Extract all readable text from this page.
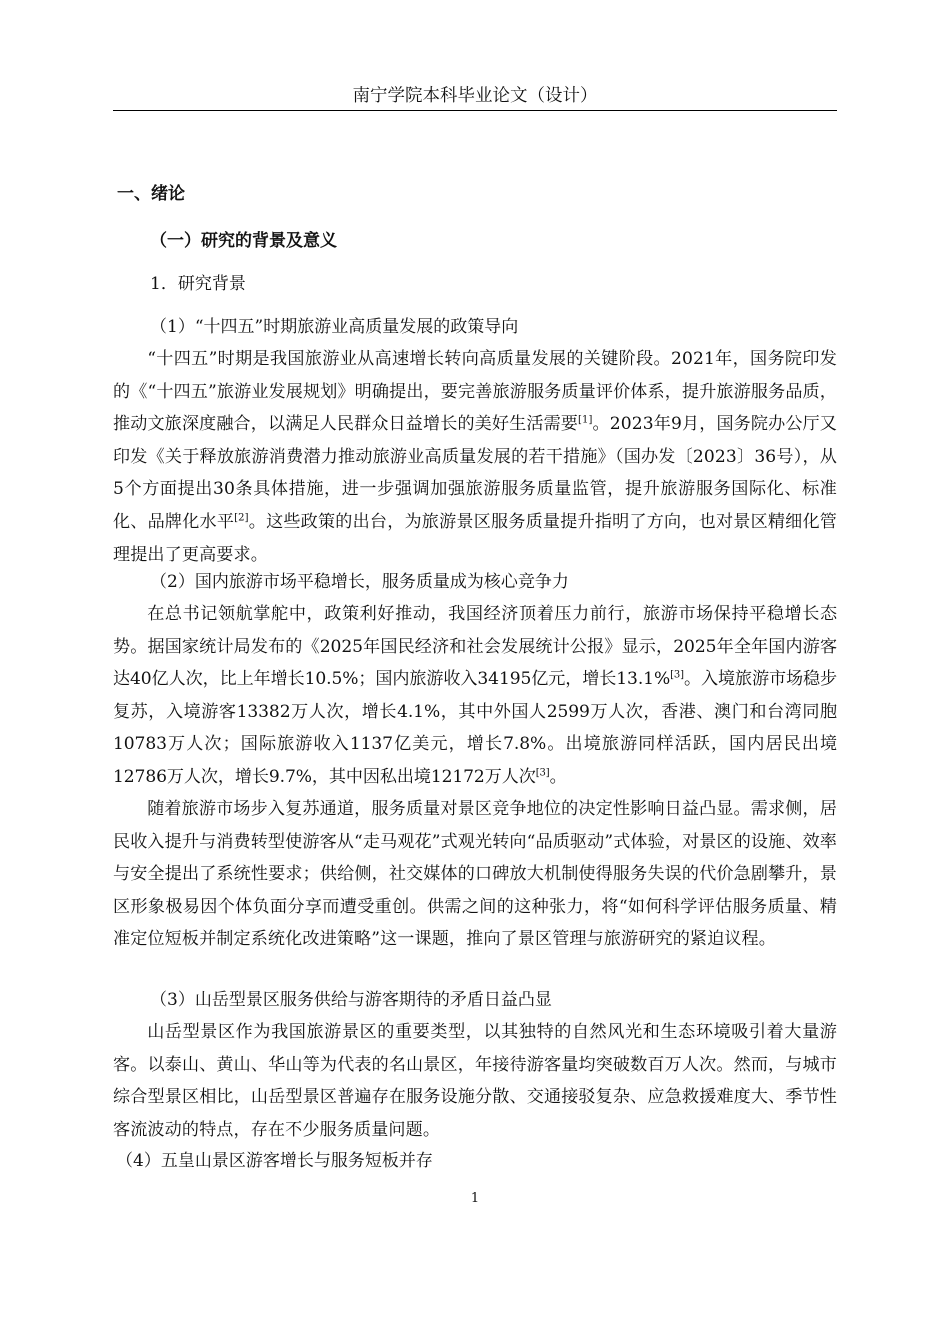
南宁学院本科毕业论文（设计）
一、绪论
（一）研究的背景及意义
1．研究背景
（1）“十四五”时期旅游业高质量发展的政策导向
“十四五”时期是我国旅游业从高速增长转向高质量发展的关键阶段。2021年，国务院印发的《“十四五”旅游业发展规划》明确提出，要完善旅游服务质量评价体系，提升旅游服务品质，推动文旅深度融合，以满足人民群众日益增长的美好生活需要[1]。2023年9月，国务院办公厅又印发《关于释放旅游消费潜力推动旅游业高质量发展的若干措施》（国办发〔2023〕36号），从5个方面提出30条具体措施，进一步强调加强旅游服务质量监管，提升旅游服务国际化、标准化、品牌化水平[2]。这些政策的出台，为旅游景区服务质量提升指明了方向，也对景区精细化管理提出了更高要求。
（2）国内旅游市场平稳增长，服务质量成为核心竞争力
在总书记领航掌舵中，政策利好推动，我国经济顶着压力前行，旅游市场保持平稳增长态势。据国家统计局发布的《2025年国民经济和社会发展统计公报》显示，2025年全年国内游客达40亿人次，比上年增长10.5%；国内旅游收入34195亿元，增长13.1%[3]。入境旅游市场稳步复苏，入境游客13382万人次，增长4.1%，其中外国人2599万人次，香港、澳门和台湾同胞10783万人次；国际旅游收入1137亿美元，增长7.8%。出境旅游同样活跃，国内居民出境12786万人次，增长9.7%，其中因私出境12172万人次[3]。
随着旅游市场步入复苏通道，服务质量对景区竞争地位的决定性影响日益凸显。需求侧，居民收入提升与消费转型使游客从“走马观花”式观光转向“品质驱动”式体验，对景区的设施、效率与安全提出了系统性要求；供给侧，社交媒体的口碑放大机制使得服务失误的代价急剧攀升，景区形象极易因个体负面分享而遭受重创。供需之间的这种张力，将“如何科学评估服务质量、精准定位短板并制定系统化改进策略”这一课题，推向了景区管理与旅游研究的紧迫议程。
（3）山岳型景区服务供给与游客期待的矛盾日益凸显
山岳型景区作为我国旅游景区的重要类型，以其独特的自然风光和生态环境吸引着大量游客。以泰山、黄山、华山等为代表的名山景区，年接待游客量均突破数百万人次。然而，与城市综合型景区相比，山岳型景区普遍存在服务设施分散、交通接驳复杂、应急救援难度大、季节性客流波动的特点，存在不少服务质量问题。
（4）五皇山景区游客增长与服务短板并存
1
